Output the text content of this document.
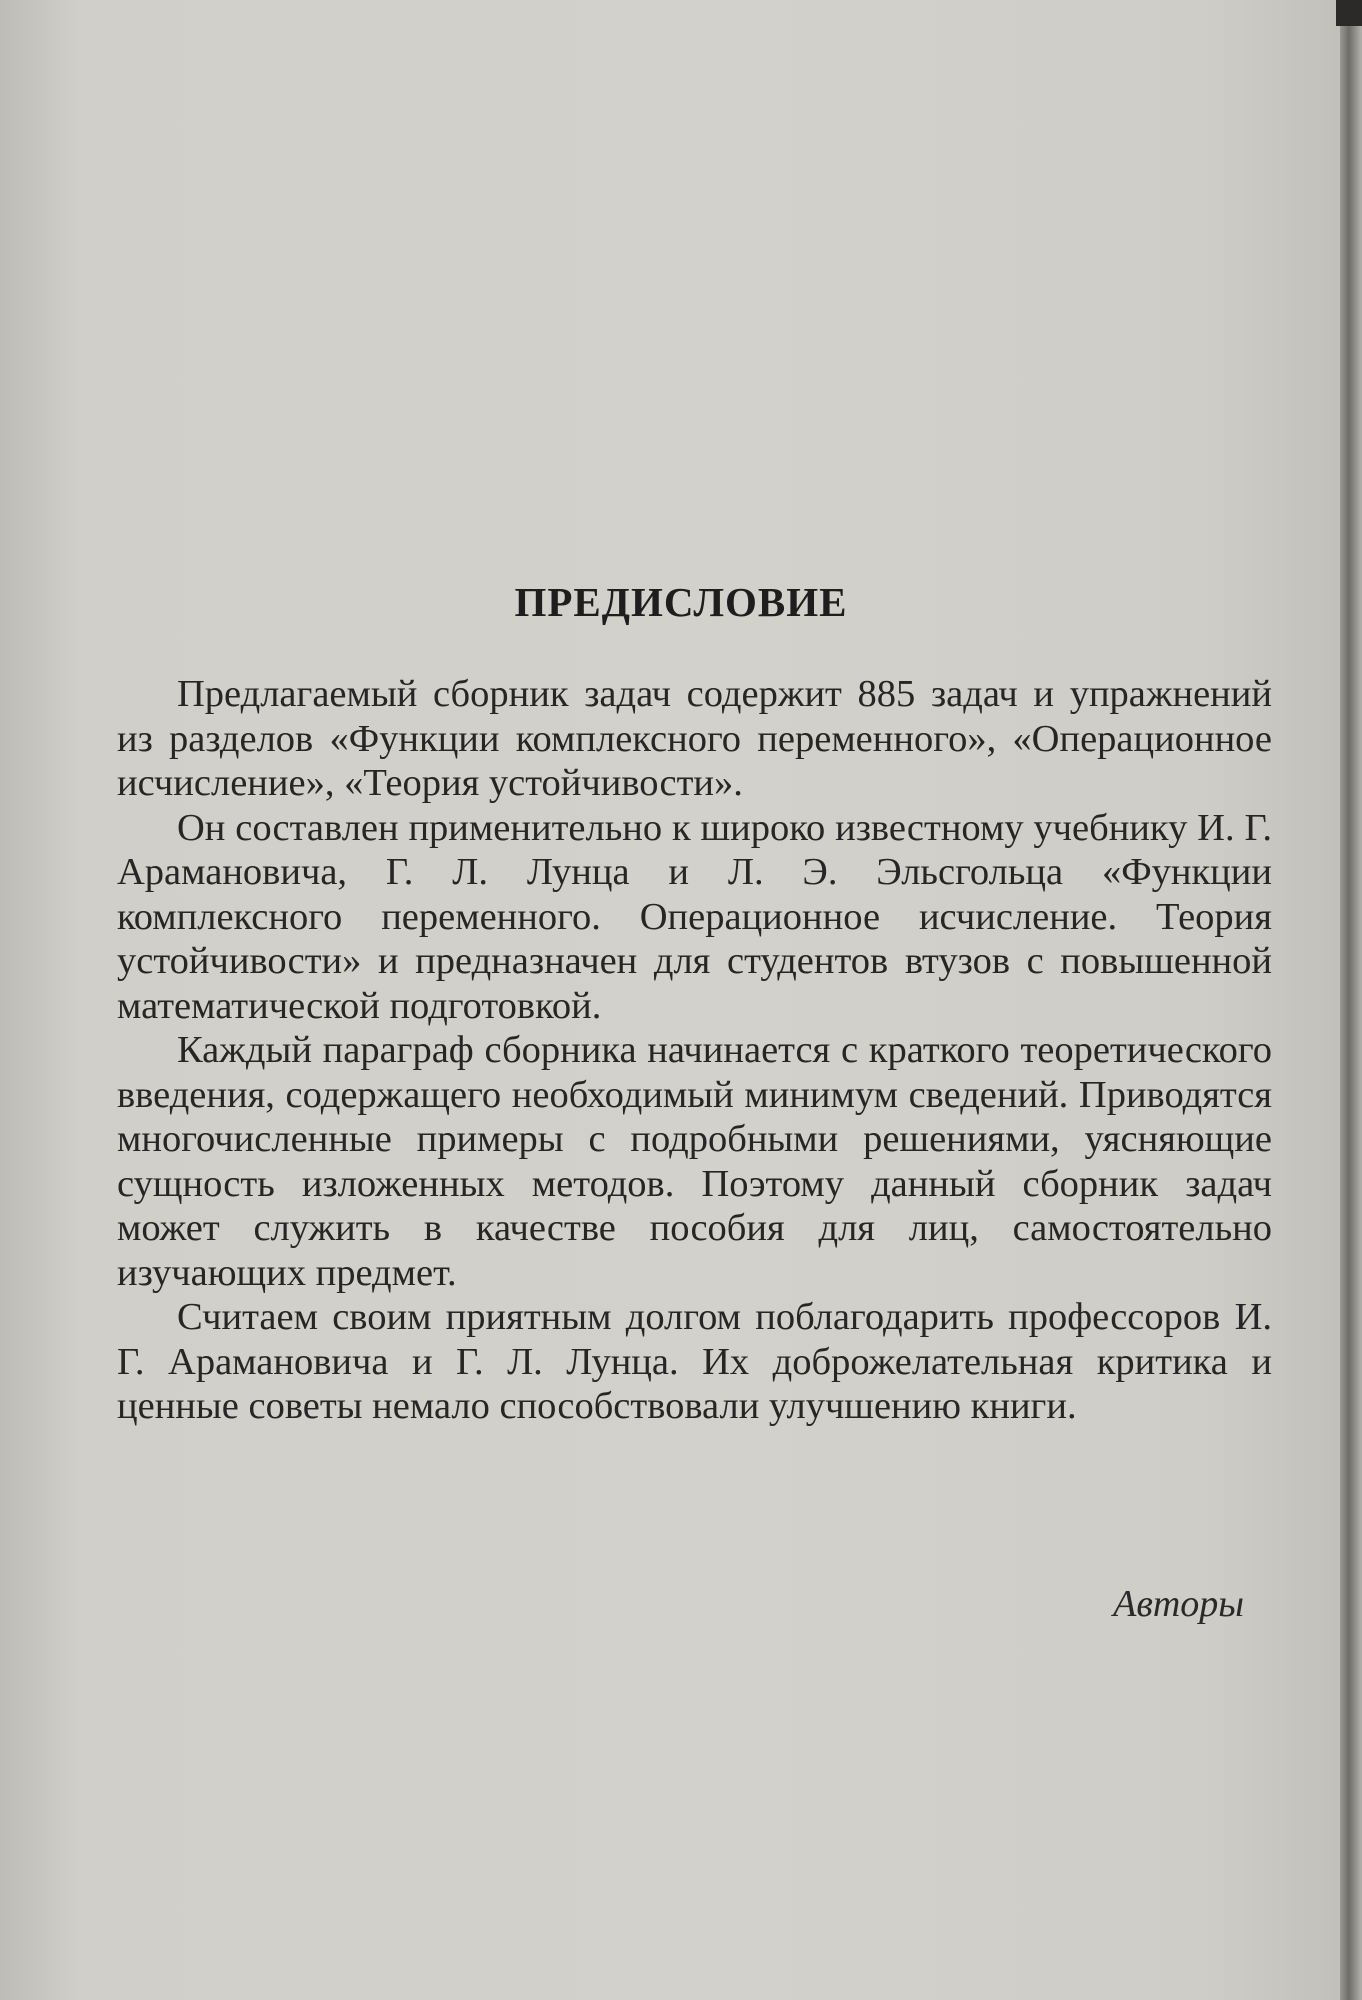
ПРЕДИСЛОВИЕ

Предлагаемый сборник задач содержит 885 задач и упражнений из разделов «Функции комплексного переменного», «Операционное исчисление», «Теория устойчивости».

Он составлен применительно к широко известному учебнику И. Г. Арамановича, Г. Л. Лунца и Л. Э. Эльсгольца «Функции комплексного переменного. Операционное исчисление. Теория устойчивости» и предназначен для студентов втузов с повышенной математической подготовкой.

Каждый параграф сборника начинается с краткого теоретического введения, содержащего необходимый минимум сведений. Приводятся многочисленные примеры с подробными решениями, уясняющие сущность изложенных методов. Поэтому данный сборник задач может служить в качестве пособия для лиц, самостоятельно изучающих предмет.

Считаем своим приятным долгом поблагодарить профессоров И. Г. Арамановича и Г. Л. Лунца. Их доброжелательная критика и ценные советы немало способствовали улучшению книги.

Авторы
